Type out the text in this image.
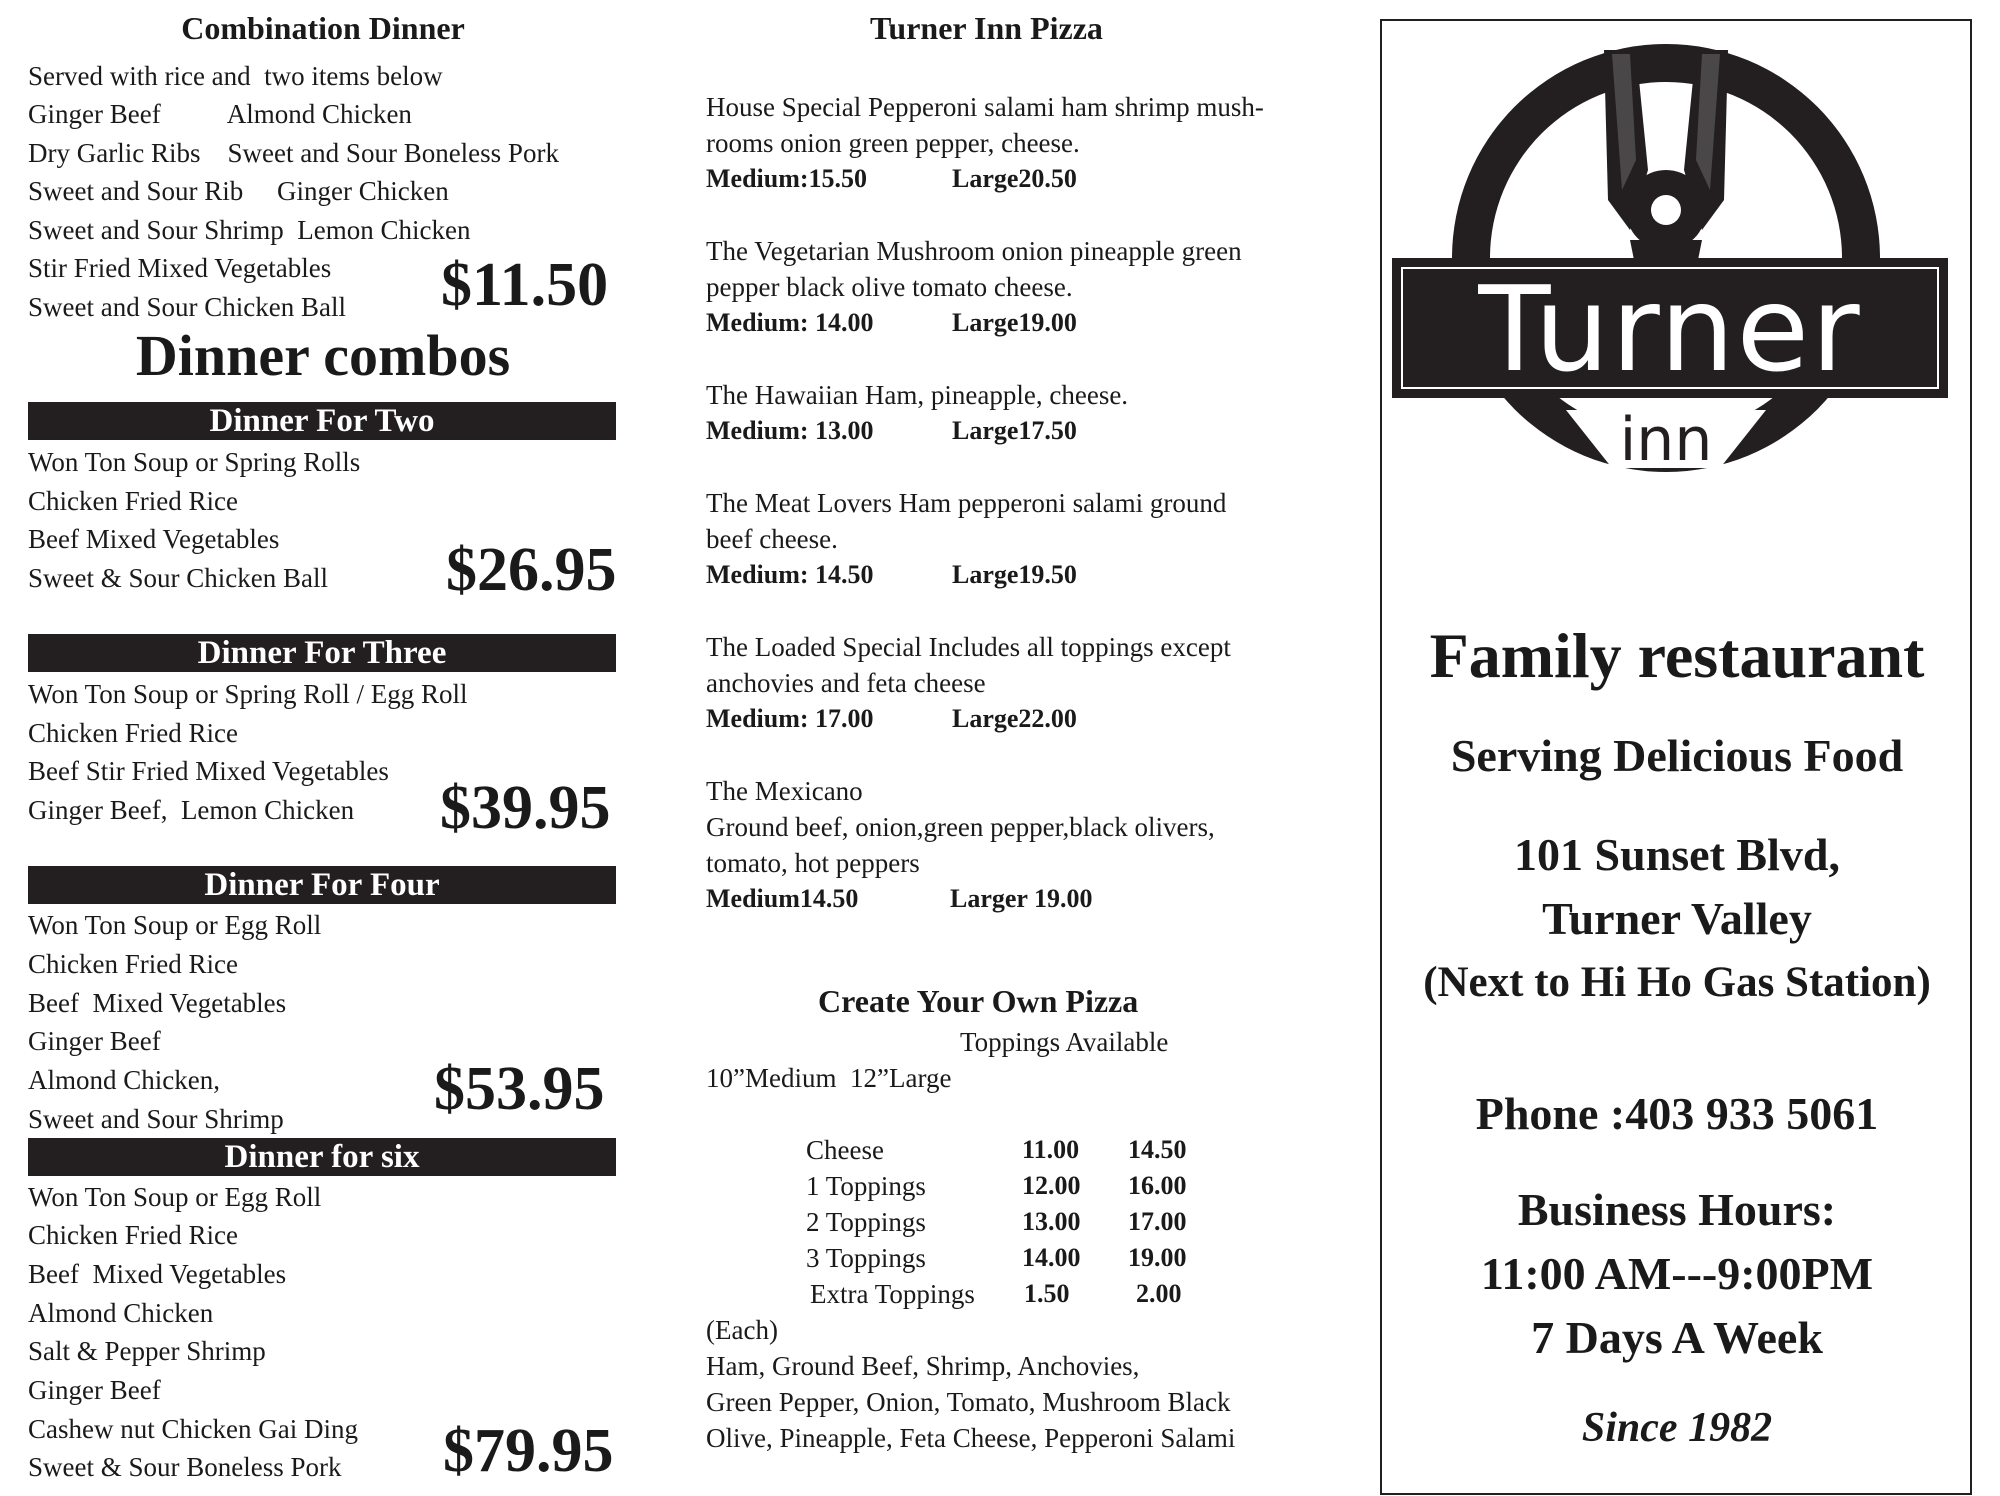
Combination Dinner
Served with rice and  two items below
Ginger Beef          Almond Chicken
Dry Garlic Ribs    Sweet and Sour Boneless Pork
Sweet and Sour Rib     Ginger Chicken
Sweet and Sour Shrimp  Lemon Chicken
Stir Fried Mixed Vegetables
Sweet and Sour Chicken Ball $11.50
Dinner combos
Dinner For Two
Won Ton Soup or Spring Rolls
Chicken Fried Rice
Beef Mixed Vegetables
Sweet & Sour Chicken Ball $26.95
Dinner For Three
Won Ton Soup or Spring Roll / Egg Roll
Chicken Fried Rice
Beef Stir Fried Mixed Vegetables
Ginger Beef,  Lemon Chicken $39.95
Dinner For Four
Won Ton Soup or Egg Roll
Chicken Fried Rice
Beef  Mixed Vegetables
Ginger Beef
Almond Chicken,
Sweet and Sour Shrimp $53.95
Dinner for six
Won Ton Soup or Egg Roll
Chicken Fried Rice
Beef  Mixed Vegetables
Almond Chicken
Salt & Pepper Shrimp
Ginger Beef
Cashew nut Chicken Gai Ding
Sweet & Sour Boneless Pork $79.95
Turner Inn Pizza
House Special Pepperoni salami ham shrimp mush-
rooms onion green pepper, cheese.
Medium:15.50	Large20.50
The Vegetarian Mushroom onion pineapple green
pepper black olive tomato cheese.
Medium: 14.00	Large19.00
The Hawaiian Ham, pineapple, cheese.
Medium: 13.00	Large17.50
The Meat Lovers Ham pepperoni salami ground
beef cheese.
Medium: 14.50	Large19.50
The Loaded Special Includes all toppings except
anchovies and feta cheese
Medium: 17.00	Large22.00
The Mexicano
Ground beef, onion,green pepper,black olivers,
tomato, hot peppers
Medium14.50	Larger 19.00
Create Your Own Pizza
Toppings Available
10”Medium  12”Large
Cheese	11.00 14.50
1 Toppings	12.00 16.00
2 Toppings	13.00 17.00
3 Toppings	14.00 19.00
Extra Toppings 1.50	2.00
(Each)
Ham, Ground Beef, Shrimp, Anchovies,
Green Pepper, Onion, Tomato, Mushroom Black
Olive, Pineapple, Feta Cheese, Pepperoni Salami
Turner
inn
Family restaurant
Serving Delicious Food
101 Sunset Blvd,
Turner Valley
(Next to Hi Ho Gas Station)
Phone :403 933 5061
Business Hours:
11:00 AM---9:00PM
7 Days A Week
Since 1982
